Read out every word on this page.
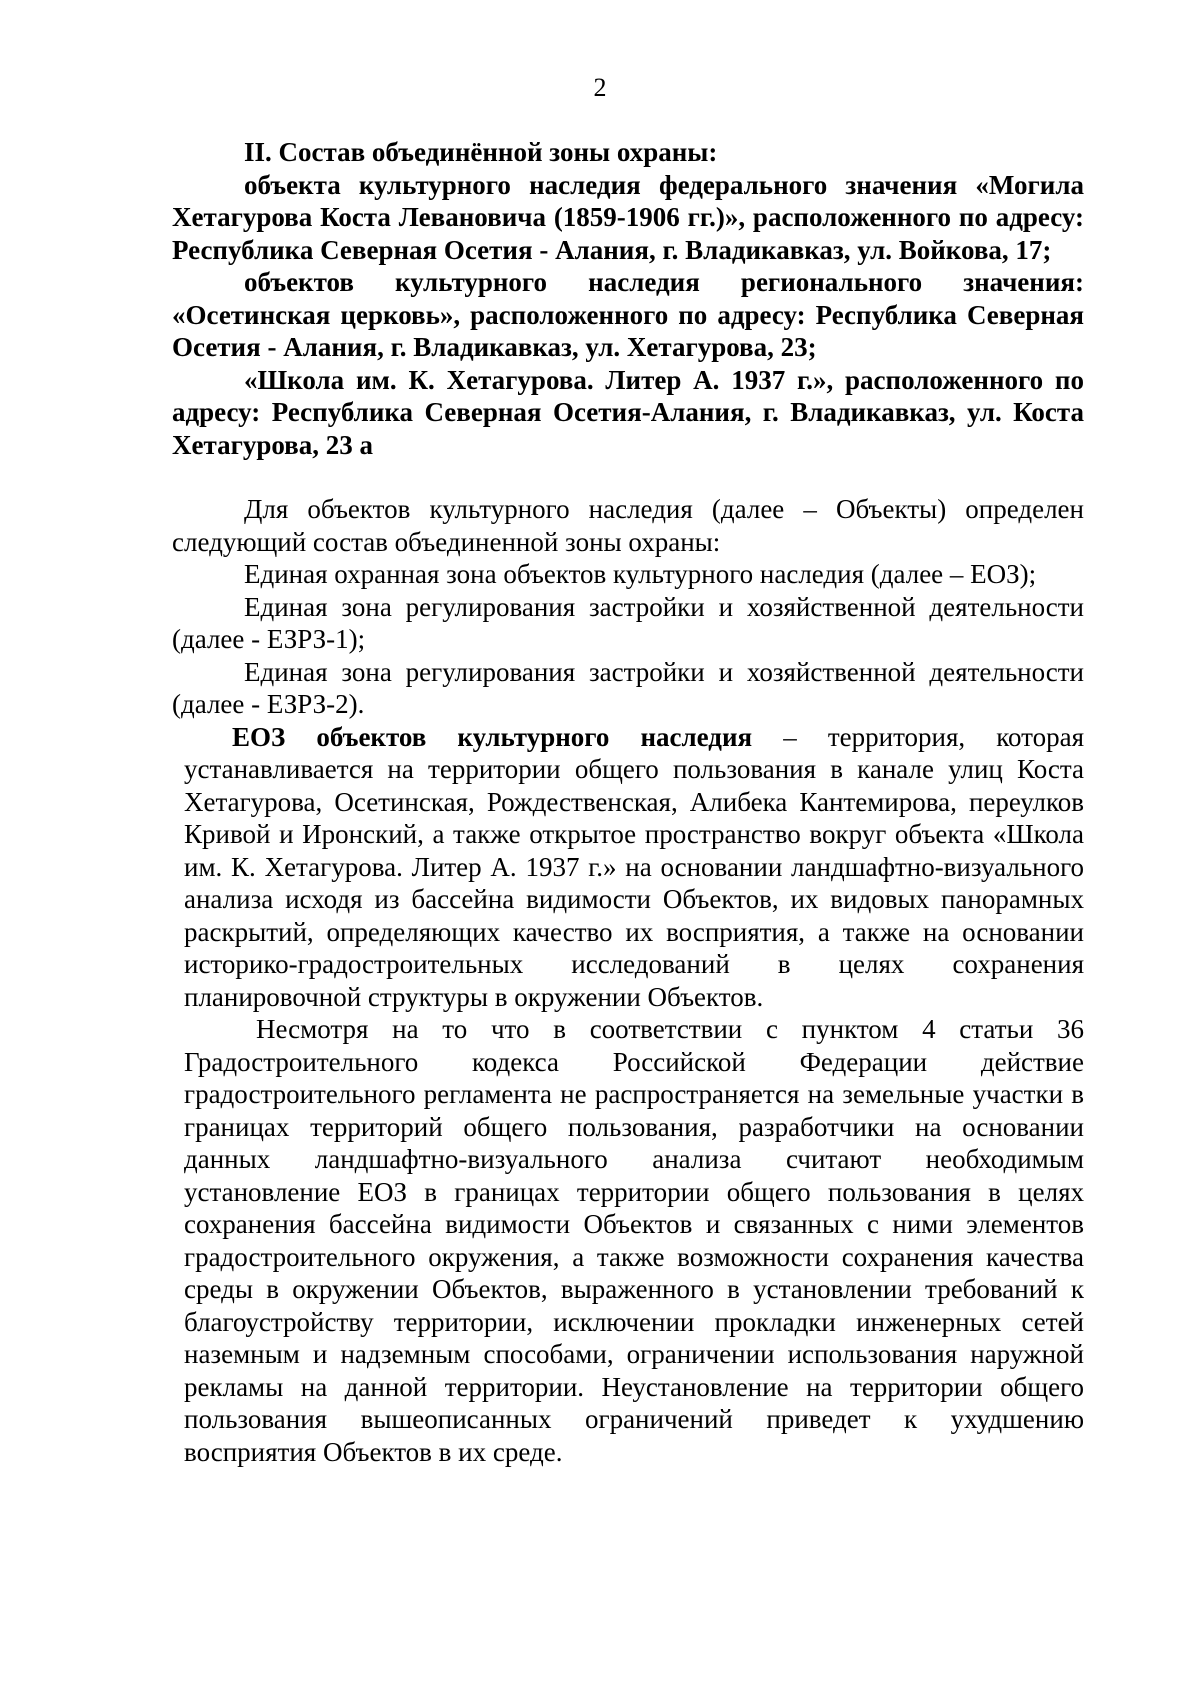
2

II. Состав объединённой зоны охраны:

объекта культурного наследия федерального значения «Могила Хетагурова Коста Левановича (1859-1906 гг.)», расположенного по адресу: Республика Северная Осетия - Алания, г. Владикавказ, ул. Войкова, 17;

объектов культурного наследия регионального значения: «Осетинская церковь», расположенного по адресу: Республика Северная Осетия - Алания, г. Владикавказ, ул. Хетагурова, 23;

«Школа им. К. Хетагурова. Литер А. 1937 г.», расположенного по адресу: Республика Северная Осетия-Алания, г. Владикавказ, ул. Коста Хетагурова, 23 а

Для объектов культурного наследия (далее – Объекты) определен следующий состав объединенной зоны охраны:

Единая охранная зона объектов культурного наследия (далее – ЕОЗ);

Единая зона регулирования застройки и хозяйственной деятельности (далее - ЕЗРЗ-1);

Единая зона регулирования застройки и хозяйственной деятельности (далее - ЕЗРЗ-2).

ЕОЗ объектов культурного наследия – территория, которая устанавливается на территории общего пользования в канале улиц Коста Хетагурова, Осетинская, Рождественская, Алибека Кантемирова, переулков Кривой и Иронский, а также открытое пространство вокруг объекта «Школа им. К. Хетагурова. Литер А. 1937 г.» на основании ландшафтно-визуального анализа исходя из бассейна видимости Объектов, их видовых панорамных раскрытий, определяющих качество их восприятия, а также на основании историко-градостроительных исследований в целях сохранения планировочной структуры в окружении Объектов.

Несмотря на то что в соответствии с пунктом 4 статьи 36 Градостроительного кодекса Российской Федерации действие градостроительного регламента не распространяется на земельные участки в границах территорий общего пользования, разработчики на основании данных ландшафтно-визуального анализа считают необходимым установление ЕОЗ в границах территории общего пользования в целях сохранения бассейна видимости Объектов и связанных с ними элементов градостроительного окружения, а также возможности сохранения качества среды в окружении Объектов, выраженного в установлении требований к благоустройству территории, исключении прокладки инженерных сетей наземным и надземным способами, ограничении использования наружной рекламы на данной территории. Неустановление на территории общего пользования вышеописанных ограничений приведет к ухудшению восприятия Объектов в их среде.
